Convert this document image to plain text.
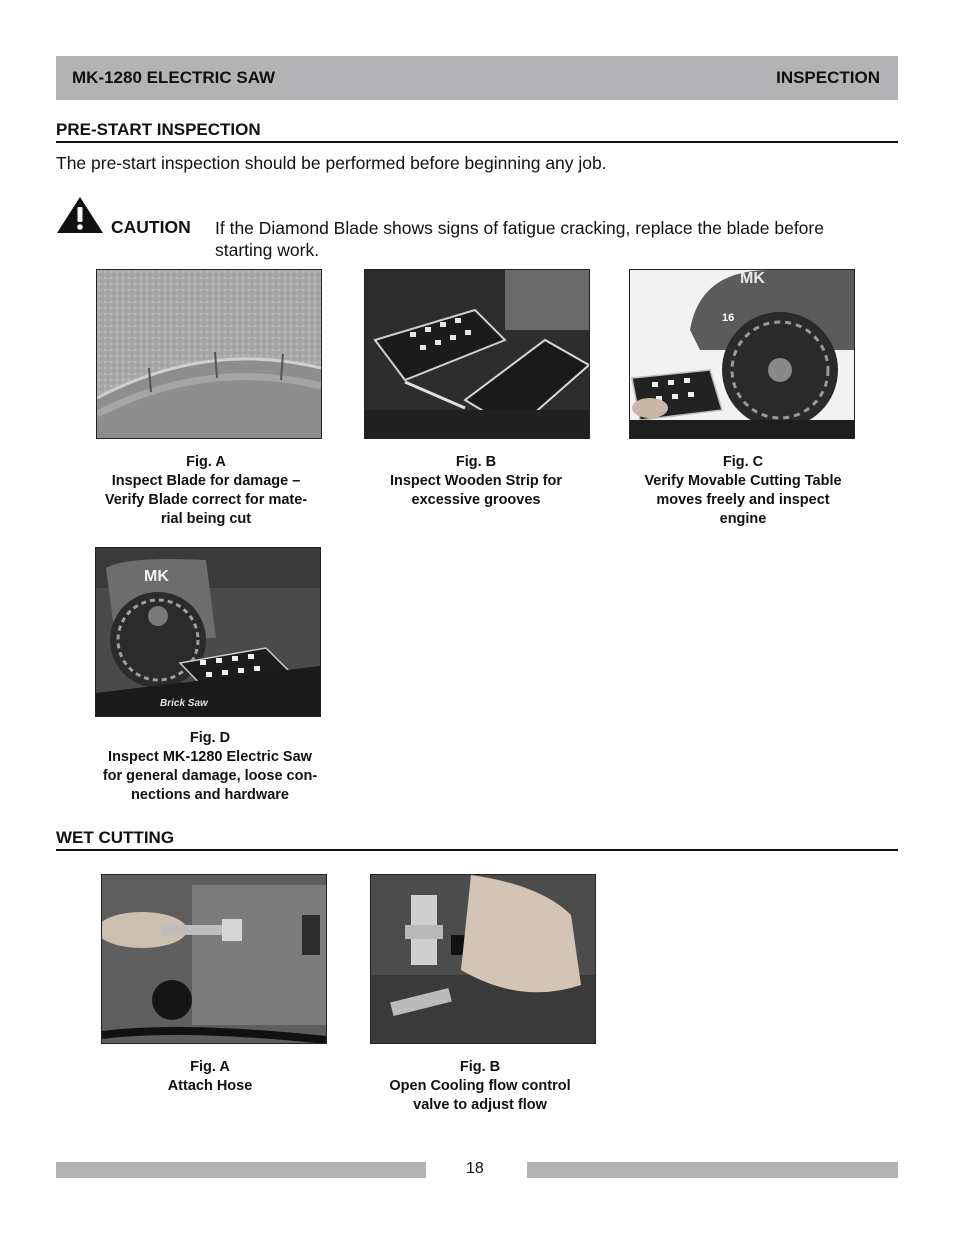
MK-1280 ELECTRIC SAW	INSPECTION
PRE-START INSPECTION
The pre-start inspection should be performed before beginning any job.
CAUTION If the Diamond Blade shows signs of fatigue cracking, replace the blade before
starting work.
MK
16
Fig. A
Inspect Blade for damage –
Verify Blade correct for mate-
rial being cut
Fig. B
Inspect Wooden Strip for
excessive grooves
Fig. C
Verify Movable Cutting Table
moves freely and inspect
engine
MK
Brick Saw
Fig. D
Inspect MK-1280 Electric Saw
for general damage, loose con-
nections and hardware
WET CUTTING
Fig. A
Attach Hose
Fig. B
Open Cooling flow control
valve to adjust flow
18
